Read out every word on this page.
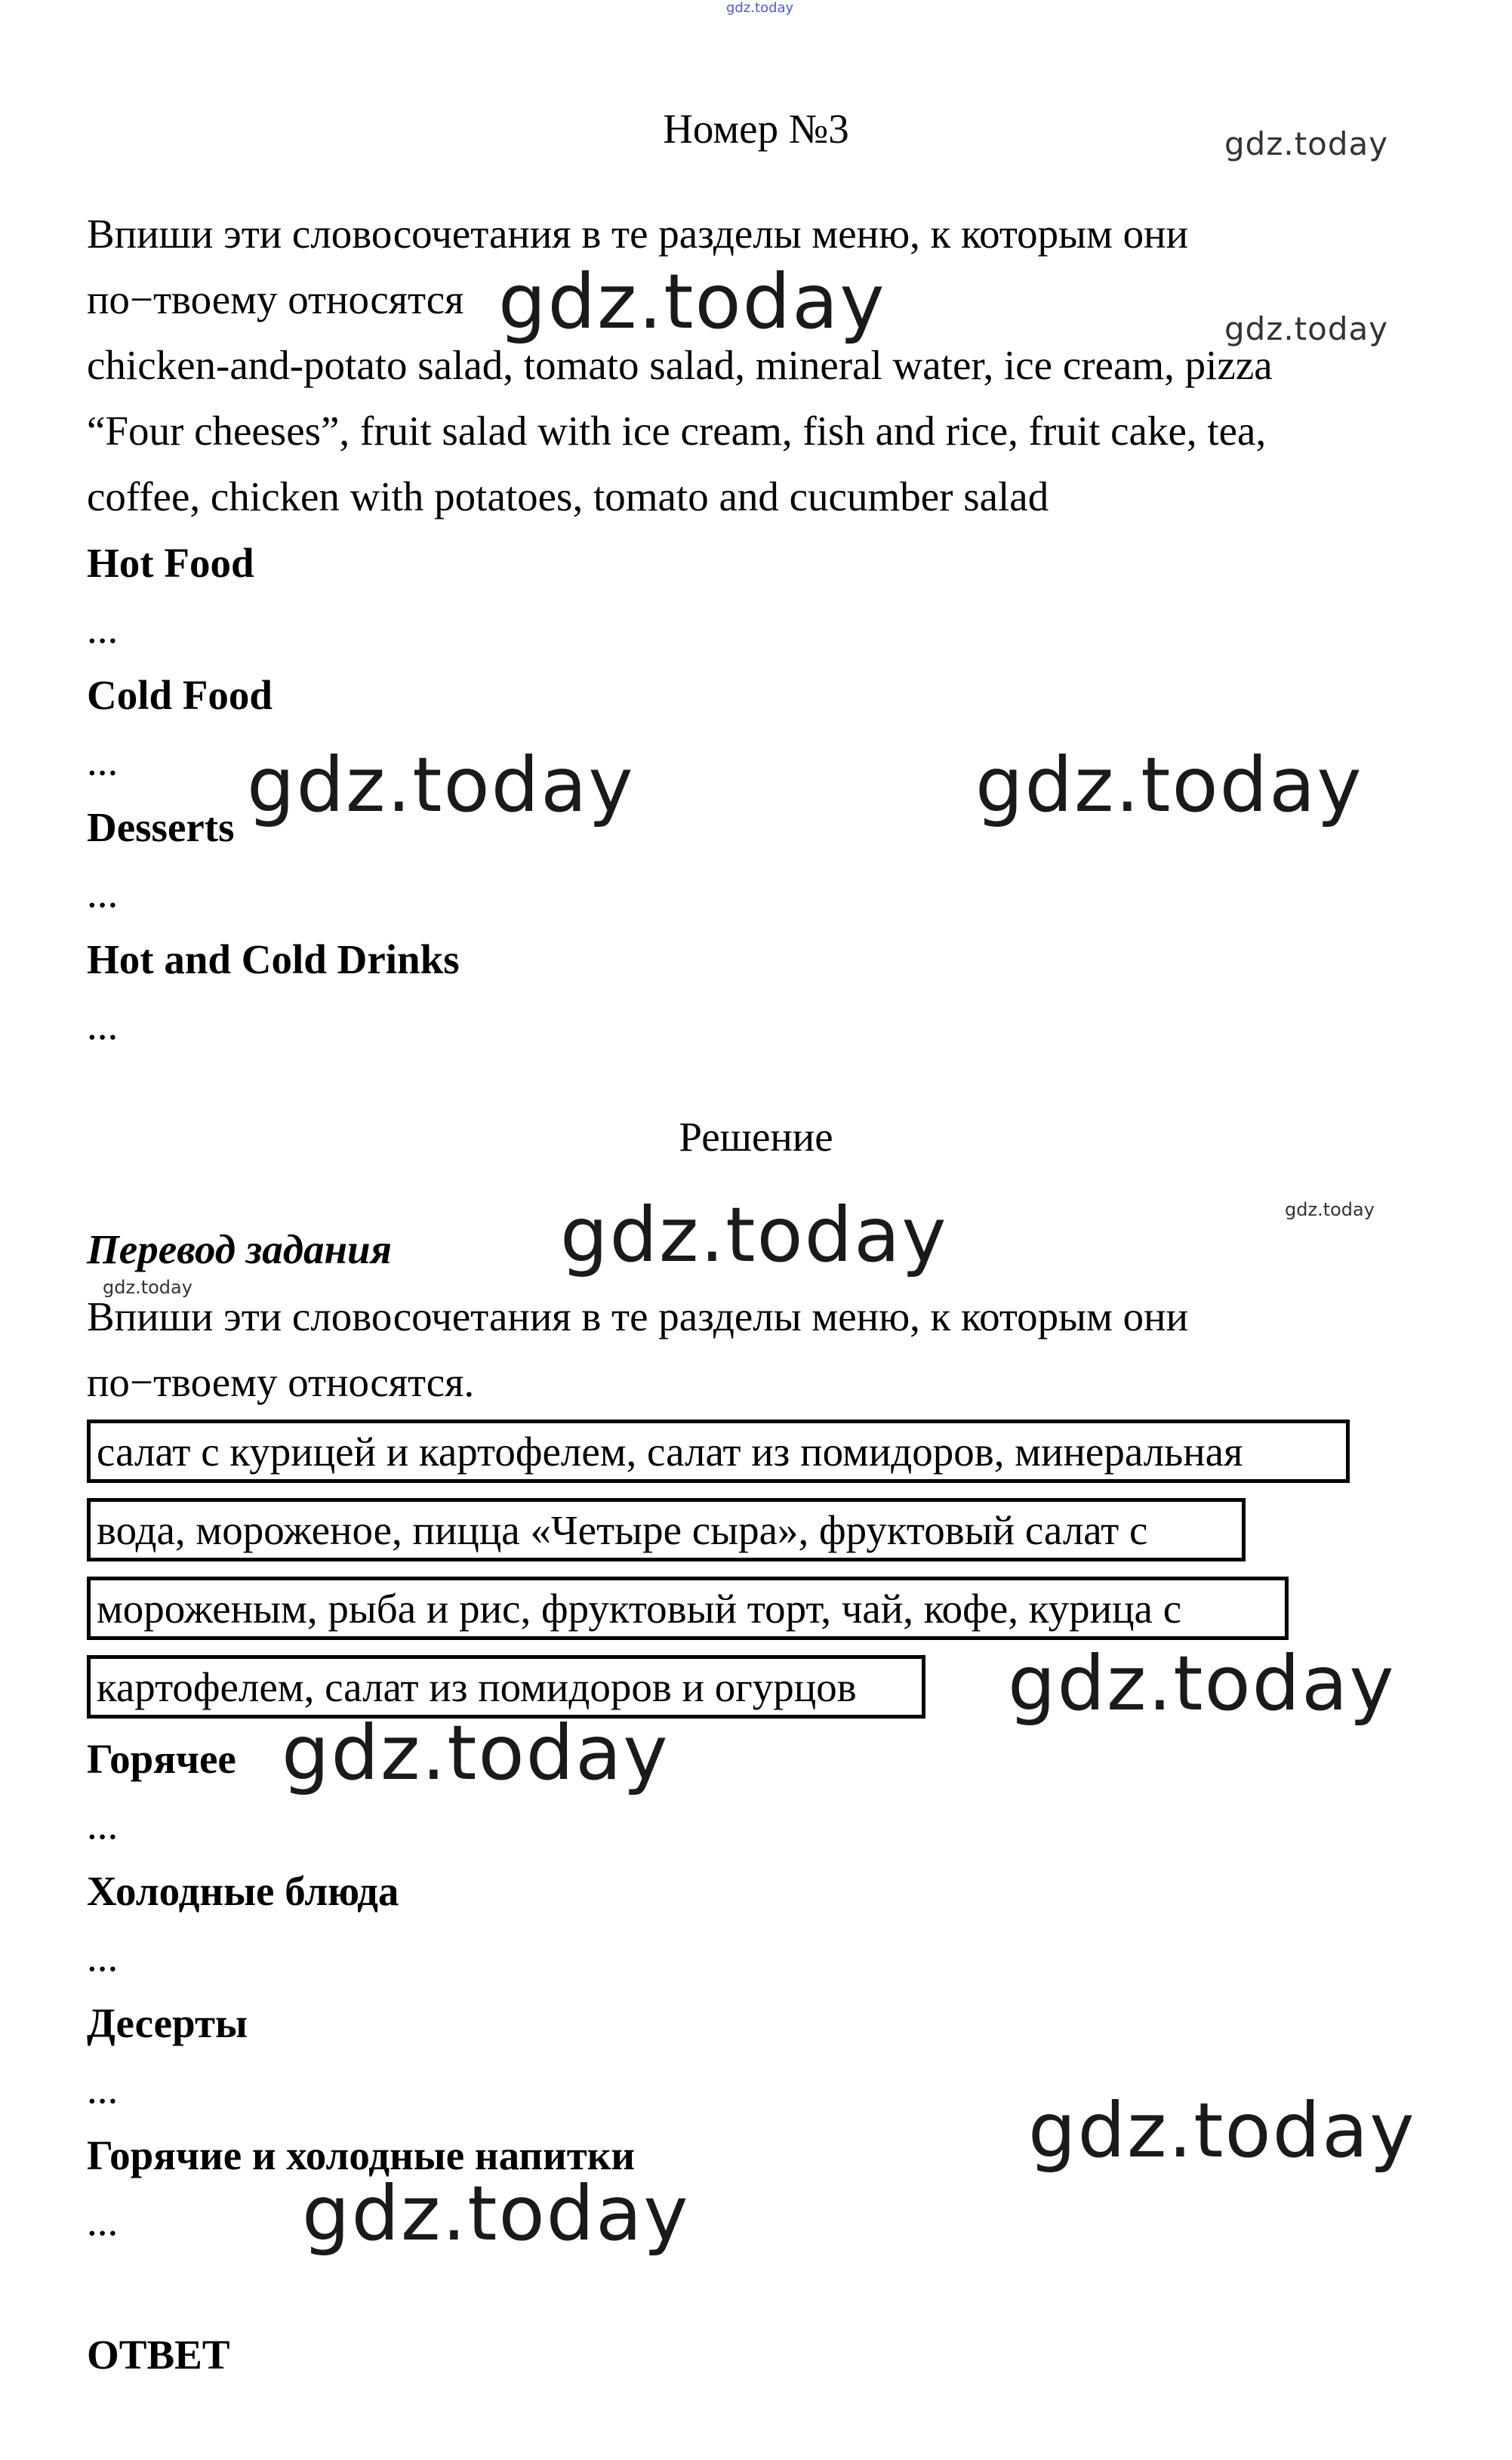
gdz.today
Номер №3
Впиши эти словосочетания в те разделы меню, к которым они
по−твоему относятся
chicken-and-potato salad, tomato salad, mineral water, ice cream, pizza
“Four cheeses”, fruit salad with ice cream, fish and rice, fruit cake, tea,
coffee, chicken with potatoes, tomato and cucumber salad
Hot Food
...
Cold Food
...
Desserts
...
Hot and Cold Drinks
...
Решение
Перевод задания
Впиши эти словосочетания в те разделы меню, к которым они
по−твоему относятся.
салат с курицей и картофелем, салат из помидоров, минеральная
вода, мороженое, пицца «Четыре сыра», фруктовый салат с
мороженым, рыба и рис, фруктовый торт, чай, кофе, курица с
картофелем, салат из помидоров и огурцов
Горячее
...
Холодные блюда
...
Десерты
...
Горячие и холодные напитки
...
ОТВЕТ
gdz.today
gdz.today	gdz.today
gdz.today	gdz.today
gdz.today	gdz.today
gdz.today
gdz.today
gdz.today
gdz.today
gdz.today
